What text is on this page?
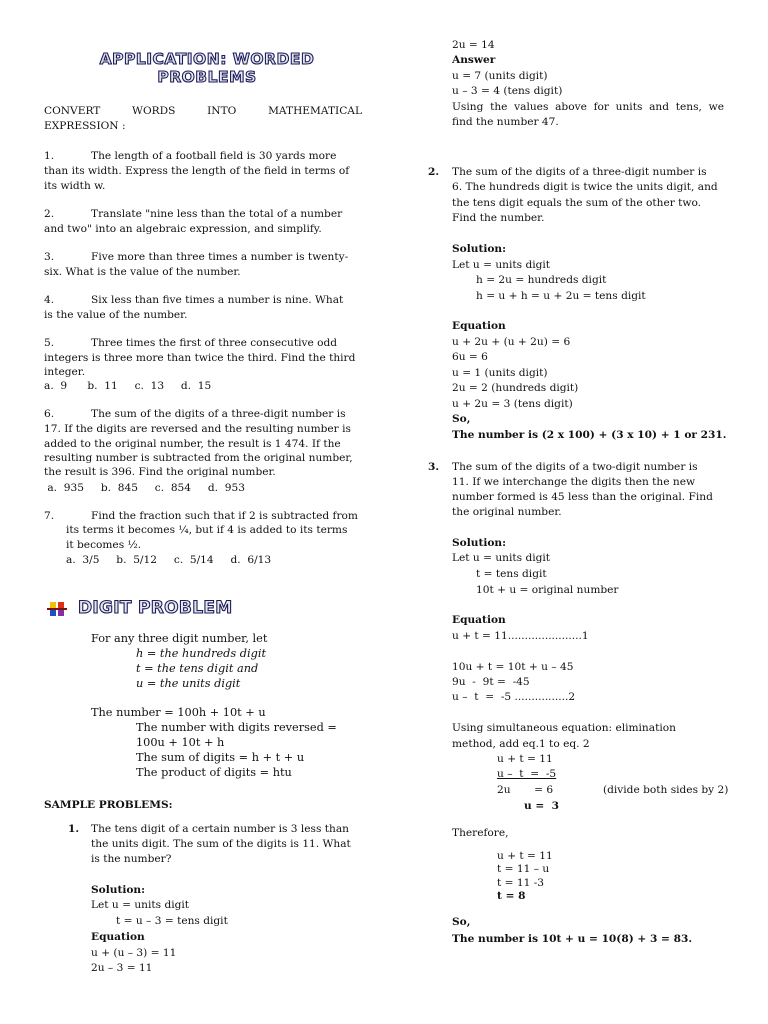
APPLICATION: WORDED
PROBLEMS
CONVERT WORDS INTO MATHEMATICAL
EXPRESSION :
1.	The length of a football field is 30 yards more
than its width. Express the length of the field in terms of
its width w.
2.	Translate "nine less than the total of a number
and two" into an algebraic expression, and simplify.
3.	Five more than three times a number is twenty-
six. What is the value of the number.
4.	Six less than five times a number is nine. What
is the value of the number.
5.	Three times the first of three consecutive odd
integers is three more than twice the third. Find the third
integer.
a.  9      b.  11     c.  13     d.  15
6.	The sum of the digits of a three-digit number is
17. If the digits are reversed and the resulting number is
added to the original number, the result is 1 474. If the
resulting number is subtracted from the original number,
the result is 396. Find the original number.
a.  935     b.  845     c.  854     d.  953
7.	Find the fraction such that if 2 is subtracted from
its terms it becomes ¼, but if 4 is added to its terms
it becomes ½.
a.  3/5     b.  5/12     c.  5/14     d.  6/13
DIGIT PROBLEM
For any three digit number, let
h = the hundreds digit
t = the tens digit and
u = the units digit
The number = 100h + 10t + u
The number with digits reversed =
100u + 10t + h
The sum of digits = h + t + u
The product of digits = htu
SAMPLE PROBLEMS:
1. The tens digit of a certain number is 3 less than
the units digit. The sum of the digits is 11. What
is the number?
Solution:
Let u = units digit
t = u – 3 = tens digit
Equation
u + (u – 3) = 11
2u – 3 = 11
2u = 14
Answer
u = 7 (units digit)
u – 3 = 4 (tens digit)
Using the values above for units and tens, we
find the number 47.
2. The sum of the digits of a three-digit number is
6. The hundreds digit is twice the units digit, and
the tens digit equals the sum of the other two.
Find the number.
Solution:
Let u = units digit
h = 2u = hundreds digit
h = u + h = u + 2u = tens digit
Equation
u + 2u + (u + 2u) = 6
6u = 6
u = 1 (units digit)
2u = 2 (hundreds digit)
u + 2u = 3 (tens digit)
So,
The number is (2 x 100) + (3 x 10) + 1 or 231.
3. The sum of the digits of a two-digit number is
11. If we interchange the digits then the new
number formed is 45 less than the original. Find
the original number.
Solution:
Let u = units digit
t = tens digit
10t + u = original number
Equation
u + t = 11......................1
10u + t = 10t + u – 45
9u  -  9t =  -45
u –  t  =  -5 ................2
Using simultaneous equation: elimination
method, add eq.1 to eq. 2
u + t = 11
u –  t  =  -5
2u       = 6	(divide both sides by 2)
u =  3
Therefore,
u + t = 11
t = 11 – u
t = 11 -3
t = 8
So,
The number is 10t + u = 10(8) + 3 = 83.
